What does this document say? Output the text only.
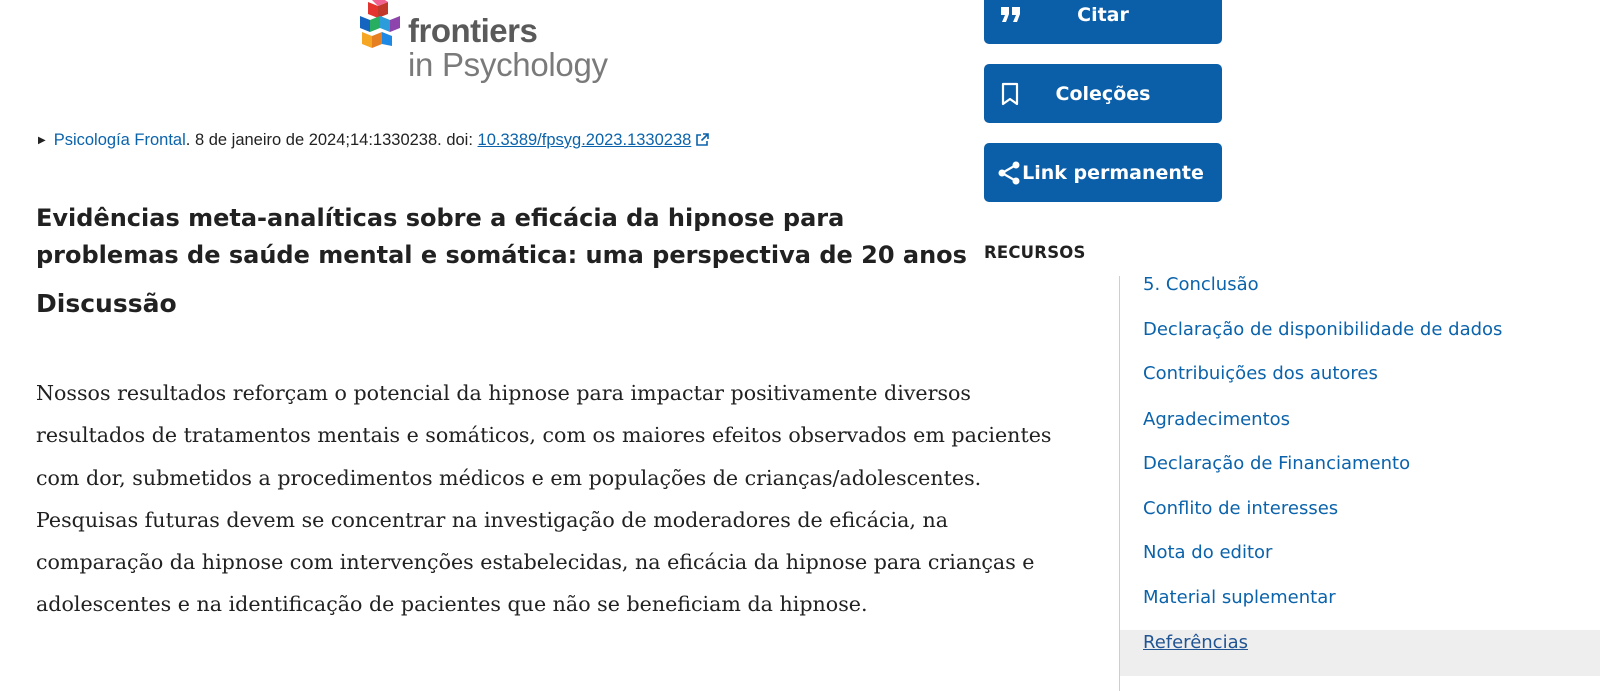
frontiers
in Psychology
▶ Psicología Frontal. 8 de janeiro de 2024;14:1330238. doi: 10.3389/fpsyg.2023.1330238
Evidências meta-analíticas sobre a eficácia da hipnose para problemas de saúde mental e somática: uma perspectiva de 20 anos
Discussão

Nossos resultados reforçam o potencial da hipnose para impactar positivamente diversos resultados de tratamentos mentais e somáticos, com os maiores efeitos observados em pacientes com dor, submetidos a procedimentos médicos e em populações de crianças/adolescentes. Pesquisas futuras devem se concentrar na investigação de moderadores de eficácia, na comparação da hipnose com intervenções estabelecidas, na eficácia da hipnose para crianças e adolescentes e na identificação de pacientes que não se beneficiam da hipnose.

Citar
Coleções
Link permanente
RECURSOS
5. Conclusão
Declaração de disponibilidade de dados
Contribuições dos autores
Agradecimentos
Declaração de Financiamento
Conflito de interesses
Nota do editor
Material suplementar
Referências
